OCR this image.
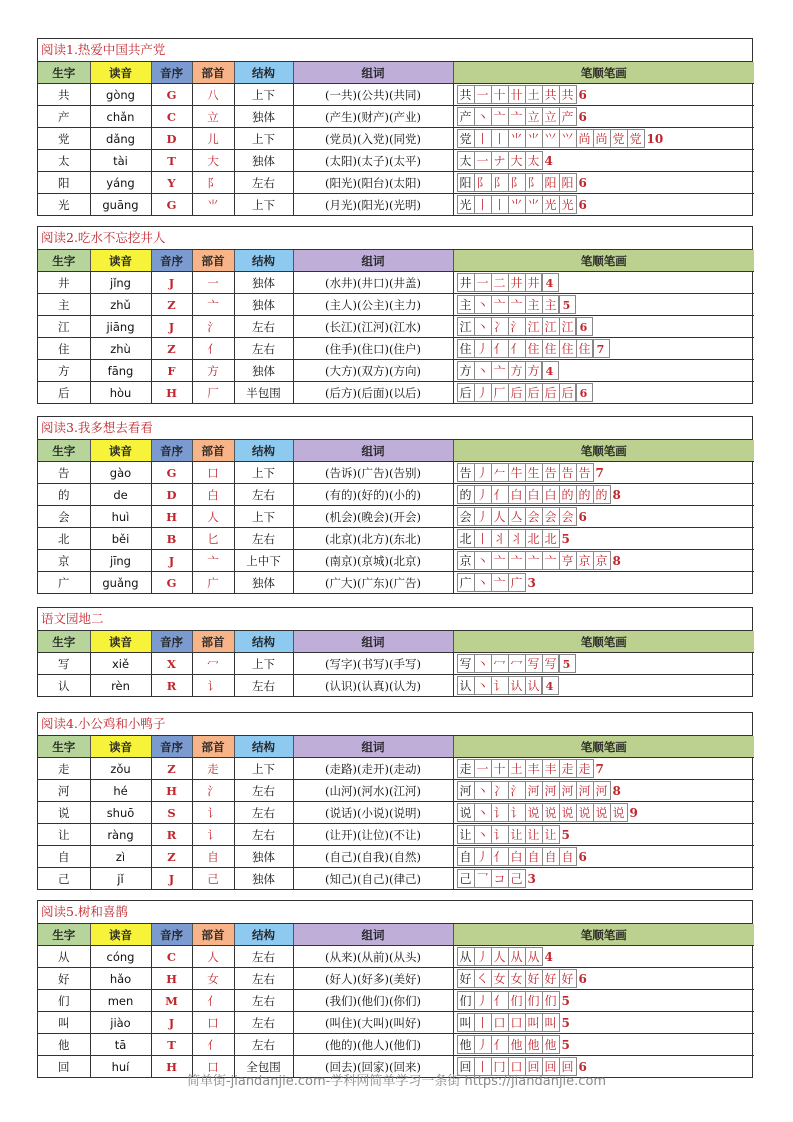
阅读1.热爱中国共产党
生字	读音	音序	部首	结构	组词	笔顺笔画
共	gòng	G	八	上下	(一共)(公共)(共同)	共 一 十 卄 土 共 共 6
产	chǎn	C	立	独体	(产生)(财产)(产业)	产 丶 亠 亠 立 立 产 6
党	dǎng	D	儿	上下	(党员)(入党)(同党)	党 丨 丨 ⺌ ⺌ ⺍ ⺍ 尚 尚 党 党 10
太	tài	T	大	独体	(太阳)(太子)(太平)	太 一 ナ 大 太 4
阳	yáng	Y	阝	左右	(阳光)(阳台)(太阳)	阳 阝 阝 阝 阝 阳 阳 6
光	guāng	G	⺌	上下	(月光)(阳光)(光明)	光 丨 丨 ⺌ ⺌ 光 光 6
阅读2.吃水不忘挖井人
生字	读音	音序	部首	结构	组词	笔顺笔画
井	jǐng	J	一	独体	(水井)(井口)(井盖)	井 一 二 井 井 4
主	zhǔ	Z	亠	独体	(主人)(公主)(主力)	主 丶 亠 亠 主 主 5
江	jiāng	J	氵	左右	(长江)(江河)(江水)	江 丶 冫 氵 江 江 江 6
住	zhù	Z	亻	左右	(住手)(住口)(住户)	住 丿 亻 亻 住 住 住 住 7
方	fāng	F	方	独体	(大方)(双方)(方向)	方 丶 亠 方 方 4
后	hòu	H	厂	半包围	(后方)(后面)(以后)	后 丿 厂 后 后 后 后 6
阅读3.我多想去看看
生字	读音	音序	部首	结构	组词	笔顺笔画
告	gào	G	口	上下	(告诉)(广告)(告别)	告 丿 𠂉 牛 生 告 告 告 7
的	de	D	白	左右	(有的)(好的)(小的)	的 丿 亻 白 白 白 的 的 的 8
会	huì	H	人	上下	(机会)(晚会)(开会)	会 丿 人 亼 会 会 会 6
北	běi	B	匕	左右	(北京)(北方)(东北)	北 丨 丬 丬 北 北 5
京	jīng	J	亠	上中下	(南京)(京城)(北京)	京 丶 亠 亠 亠 亠 亨 京 京 8
广	guǎng	G	广	独体	(广大)(广东)(广告)	广 丶 亠 广 3
语文园地二
生字	读音	音序	部首	结构	组词	笔顺笔画
写	xiě	X	冖	上下	(写字)(书写)(手写)	写 丶 冖 冖 写 写 5
认	rèn	R	讠	左右	(认识)(认真)(认为)	认 丶 讠 认 认 4
阅读4.小公鸡和小鸭子
生字	读音	音序	部首	结构	组词	笔顺笔画
走	zǒu	Z	走	上下	(走路)(走开)(走动)	走 一 十 土 丰 丰 走 走 7
河	hé	H	氵	左右	(山河)(河水)(江河)	河 丶 冫 氵 河 河 河 河 河 8
说	shuō	S	讠	左右	(说话)(小说)(说明)	说 丶 讠 讠 说 说 说 说 说 说 9
让	ràng	R	讠	左右	(让开)(让位)(不让)	让 丶 讠 让 让 让 5
自	zì	Z	自	独体	(自己)(自我)(自然)	自 丿 亻 白 自 自 自 6
己	jǐ	J	己	独体	(知己)(自己)(律己)	己 乛 コ 己 3
阅读5.树和喜鹊
生字	读音	音序	部首	结构	组词	笔顺笔画
从	cóng	C	人	左右	(从来)(从前)(从头)	从 丿 人 从 从 4
好	hǎo	H	女	左右	(好人)(好多)(美好)	好 ㇛ 女 女 好 好 好 6
们	men	M	亻	左右	(我们)(他们)(你们)	们 丿 亻 们 们 们 5
叫	jiào	J	口	左右	(叫住)(大叫)(叫好)	叫 丨 口 口 叫 叫 5
他	tā	T	亻	左右	(他的)(他人)(他们)	他 丿 亻 他 他 他 5
回	huí	H	口	全包围	(回去)(回家)(回来)	回 丨 冂 口 回 回 回 6
简单街-jiandanjie.com-学科网简单学习一条街 https://jiandanjie.com
